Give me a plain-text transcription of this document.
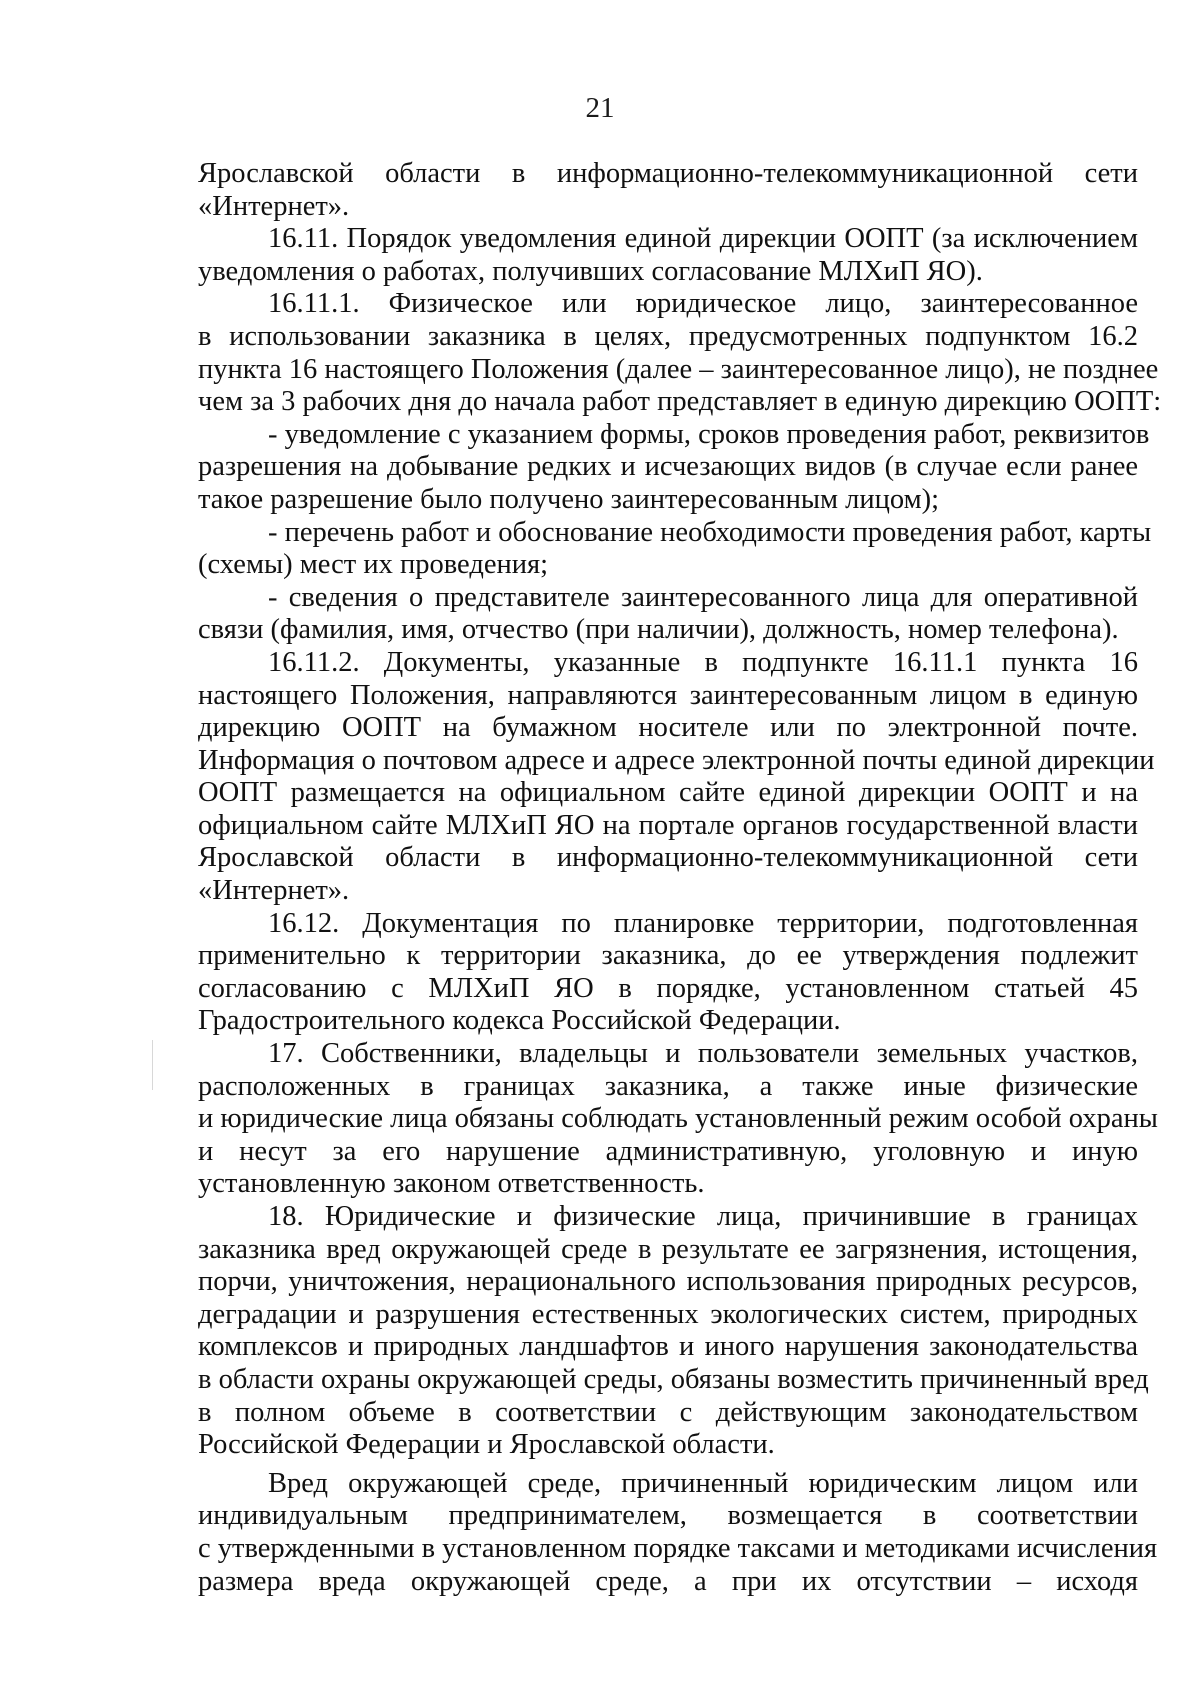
21
Ярославской области в информационно-телекоммуникационной сети
«Интернет».
16.11. Порядок уведомления единой дирекции ООПТ (за исключением
уведомления о работах, получивших согласование МЛХиП ЯО).
16.11.1. Физическое или юридическое лицо, заинтересованное
в использовании заказника в целях, предусмотренных подпунктом 16.2
пункта 16 настоящего Положения (далее – заинтересованное лицо), не позднее
чем за 3 рабочих дня до начала работ представляет в единую дирекцию ООПТ:
- уведомление с указанием формы, сроков проведения работ, реквизитов
разрешения на добывание редких и исчезающих видов (в случае если ранее
такое разрешение было получено заинтересованным лицом);
- перечень работ и обоснование необходимости проведения работ, карты
(схемы) мест их проведения;
- сведения о представителе заинтересованного лица для оперативной
связи (фамилия, имя, отчество (при наличии), должность, номер телефона).
16.11.2. Документы, указанные в подпункте 16.11.1 пункта 16
настоящего Положения, направляются заинтересованным лицом в единую
дирекцию ООПТ на бумажном носителе или по электронной почте.
Информация о почтовом адресе и адресе электронной почты единой дирекции
ООПТ размещается на официальном сайте единой дирекции ООПТ и на
официальном сайте МЛХиП ЯО на портале органов государственной власти
Ярославской области в информационно-телекоммуникационной сети
«Интернет».
16.12. Документация по планировке территории, подготовленная
применительно к территории заказника, до ее утверждения подлежит
согласованию с МЛХиП ЯО в порядке, установленном статьей 45
Градостроительного кодекса Российской Федерации.
17. Собственники, владельцы и пользователи земельных участков,
расположенных в границах заказника, а также иные физические
и юридические лица обязаны соблюдать установленный режим особой охраны
и несут за его нарушение административную, уголовную и иную
установленную законом ответственность.
18. Юридические и физические лица, причинившие в границах
заказника вред окружающей среде в результате ее загрязнения, истощения,
порчи, уничтожения, нерационального использования природных ресурсов,
деградации и разрушения естественных экологических систем, природных
комплексов и природных ландшафтов и иного нарушения законодательства
в области охраны окружающей среды, обязаны возместить причиненный вред
в полном объеме в соответствии с действующим законодательством
Российской Федерации и Ярославской области.
Вред окружающей среде, причиненный юридическим лицом или
индивидуальным предпринимателем, возмещается в соответствии
с утвержденными в установленном порядке таксами и методиками исчисления
размера вреда окружающей среде, а при их отсутствии – исходя
